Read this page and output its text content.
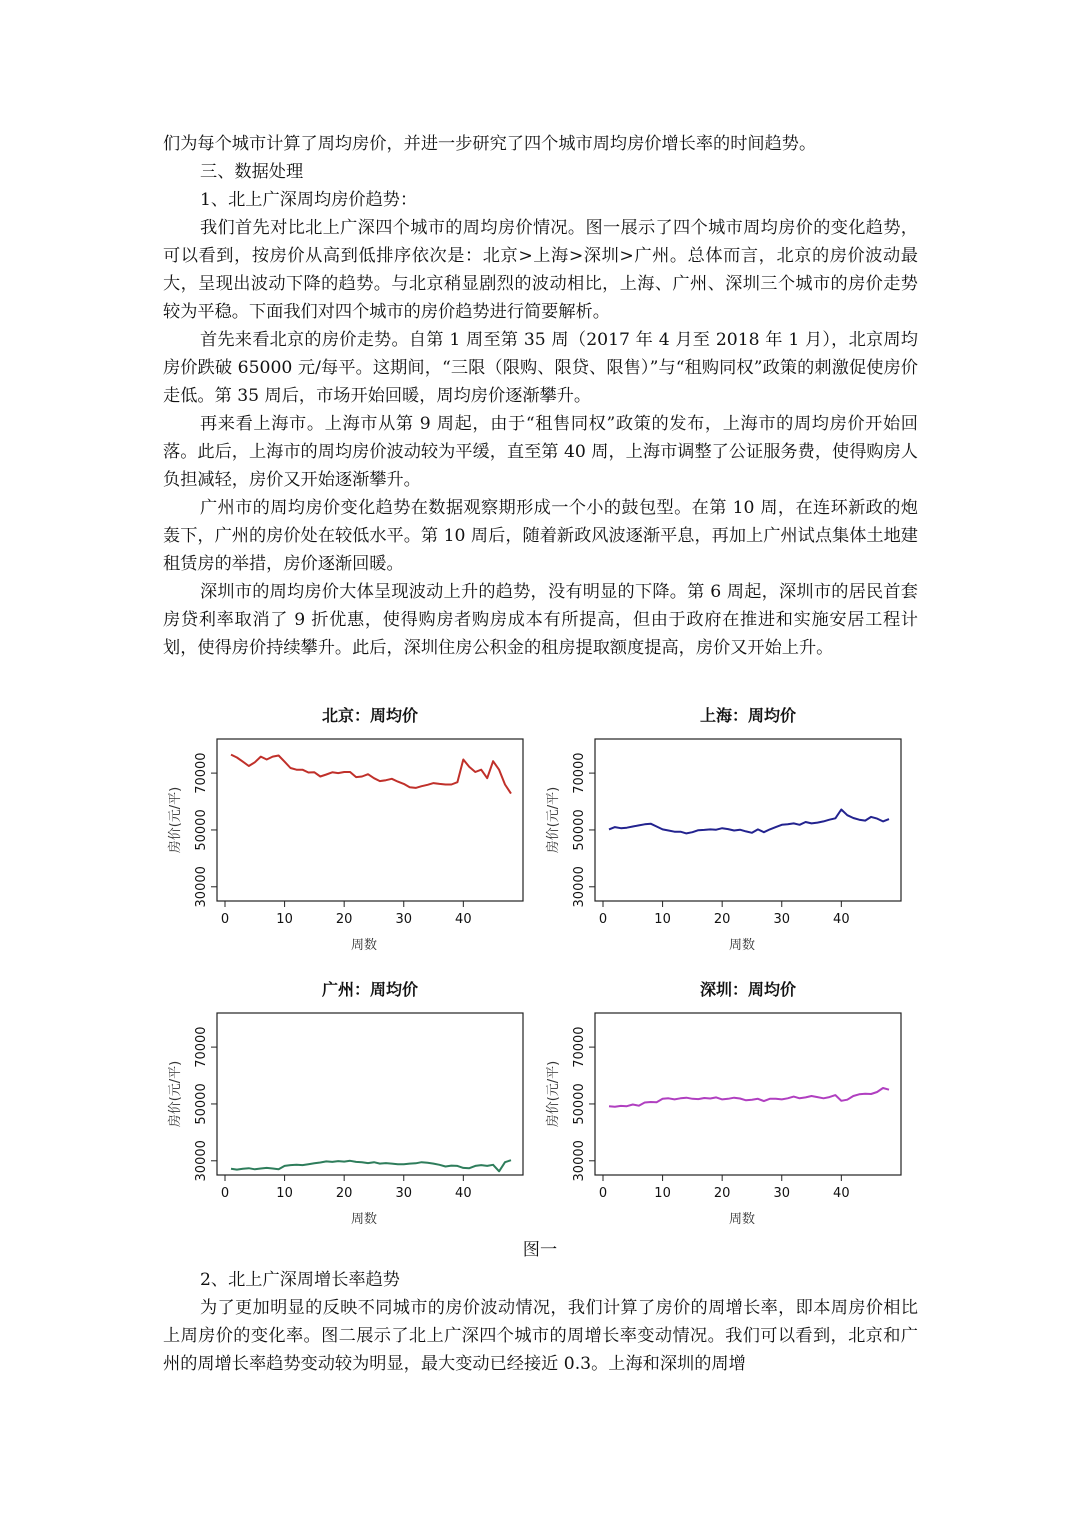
们为每个城市计算了周均房价，并进一步研究了四个城市周均房价增长率的时间趋势。

三、数据处理

1、北上广深周均房价趋势：

我们首先对比北上广深四个城市的周均房价情况。图一展示了四个城市周均房价的变化趋势，可以看到，按房价从高到低排序依次是：北京>上海>深圳>广州。总体而言，北京的房价波动最大，呈现出波动下降的趋势。与北京稍显剧烈的波动相比，上海、广州、深圳三个城市的房价走势较为平稳。下面我们对四个城市的房价趋势进行简要解析。

首先来看北京的房价走势。自第 1 周至第 35 周（2017 年 4 月至 2018 年 1 月），北京周均房价跌破 65000 元/每平。这期间，“三限（限购、限贷、限售）”与“租购同权”政策的刺激促使房价走低。第 35 周后，市场开始回暖，周均房价逐渐攀升。

再来看上海市。上海市从第 9 周起，由于“租售同权”政策的发布，上海市的周均房价开始回落。此后，上海市的周均房价波动较为平缓，直至第 40 周，上海市调整了公证服务费，使得购房人负担减轻，房价又开始逐渐攀升。

广州市的周均房价变化趋势在数据观察期形成一个小的鼓包型。在第 10 周，在连环新政的炮轰下，广州的房价处在较低水平。第 10 周后，随着新政风波逐渐平息，再加上广州试点集体土地建租赁房的举措，房价逐渐回暖。

深圳市的周均房价大体呈现波动上升的趋势，没有明显的下降。第 6 周起，深圳市的居民首套房贷利率取消了 9 折优惠，使得购房者购房成本有所提高，但由于政府在推进和实施安居工程计划，使得房价持续攀升。此后，深圳住房公积金的租房提取额度提高，房价又开始上升。

北京：周均价
0	10	20	30	40
30000
50000
70000
周数
房价(元/平)
上海：周均价
0	10	20	30	40
30000
50000
70000
周数
房价(元/平)
广州：周均价
0	10	20	30	40
30000
50000
70000
周数
房价(元/平)
深圳：周均价
0	10	20	30	40
30000
50000
70000
周数
房价(元/平)
图一

2、北上广深周增长率趋势

为了更加明显的反映不同城市的房价波动情况，我们计算了房价的周增长率，即本周房价相比上周房价的变化率。图二展示了北上广深四个城市的周增长率变动情况。我们可以看到，北京和广州的周增长率趋势变动较为明显，最大变动已经接近 0.3。上海和深圳的周增
